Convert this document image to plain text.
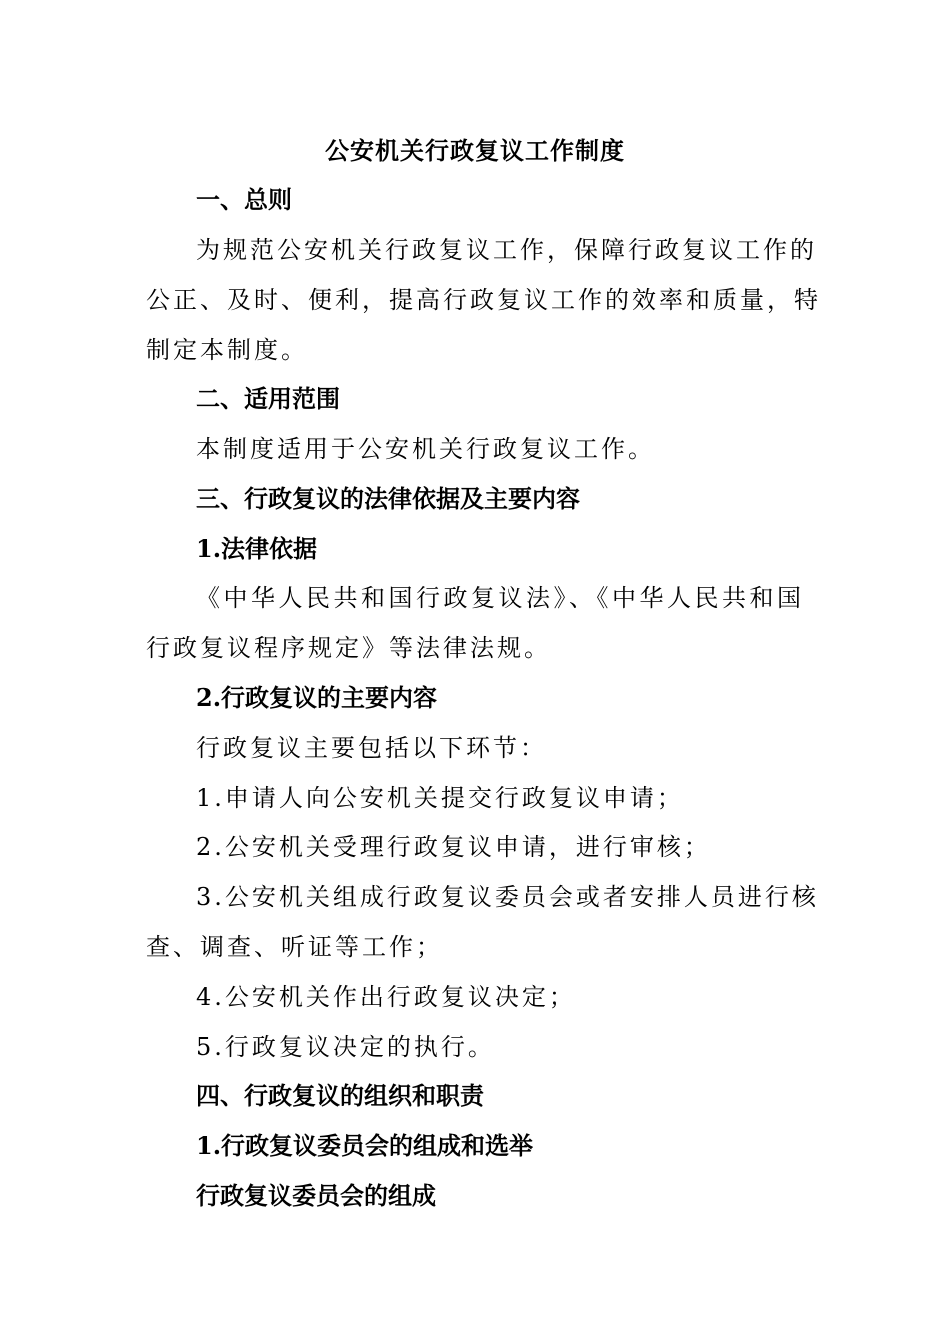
公安机关行政复议工作制度
一、总则
为规范公安机关行政复议工作，保障行政复议工作的
公正、及时、便利，提高行政复议工作的效率和质量，特
制定本制度。
二、适用范围
本制度适用于公安机关行政复议工作。
三、行政复议的法律依据及主要内容
1.法律依据
《中华人民共和国行政复议法》、《中华人民共和国
行政复议程序规定》等法律法规。
2.行政复议的主要内容
行政复议主要包括以下环节：
1.申请人向公安机关提交行政复议申请；
2.公安机关受理行政复议申请，进行审核；
3.公安机关组成行政复议委员会或者安排人员进行核
查、调查、听证等工作；
4.公安机关作出行政复议决定；
5.行政复议决定的执行。
四、行政复议的组织和职责
1.行政复议委员会的组成和选举
行政复议委员会的组成
